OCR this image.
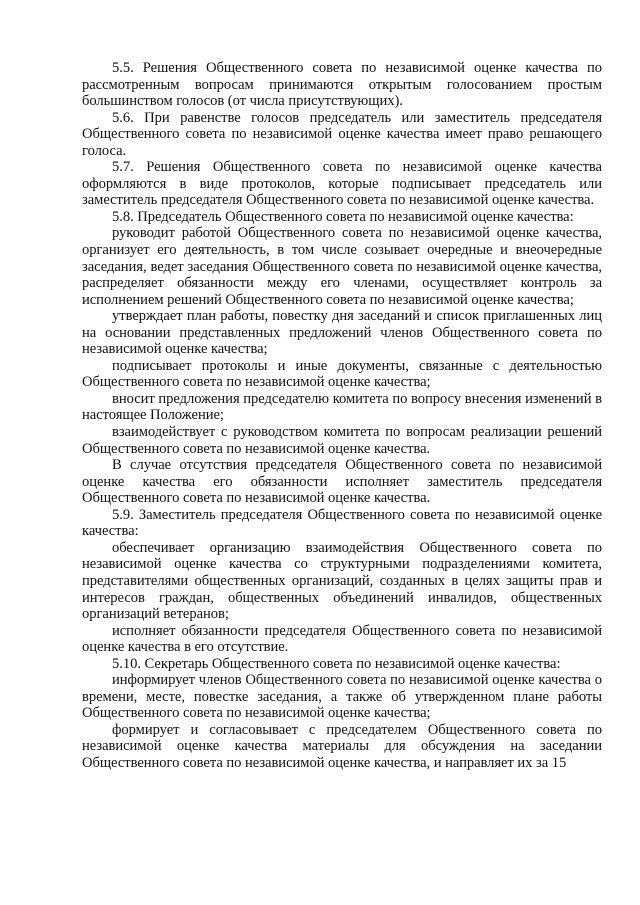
5.5. Решения Общественного совета по независимой оценке качества по рассмотренным вопросам принимаются открытым голосованием простым большинством голосов (от числа присутствующих).

5.6. При равенстве голосов председатель или заместитель председателя Общественного совета по независимой оценке качества имеет право решающего голоса.

5.7. Решения Общественного совета по независимой оценке качества оформляются в виде протоколов, которые подписывает председатель или заместитель председателя Общественного совета по независимой оценке качества.

5.8. Председатель Общественного совета по независимой оценке качества:

руководит работой Общественного совета по независимой оценке качества, организует его деятельность, в том числе созывает очередные и внеочередные заседания, ведет заседания Общественного совета по независимой оценке качества, распределяет обязанности между его членами, осуществляет контроль за исполнением решений Общественного совета по независимой оценке качества;

утверждает план работы, повестку дня заседаний и список приглашенных лиц на основании представленных предложений членов Общественного совета по независимой оценке качества;

подписывает протоколы и иные документы, связанные с деятельностью Общественного совета по независимой оценке качества;

вносит предложения председателю комитета по вопросу внесения изменений в настоящее Положение;

взаимодействует с руководством комитета по вопросам реализации решений Общественного совета по независимой оценке качества.

В случае отсутствия председателя Общественного совета по независимой оценке качества его обязанности исполняет заместитель председателя Общественного совета по независимой оценке качества.

5.9. Заместитель председателя Общественного совета по независимой оценке качества:

обеспечивает организацию взаимодействия Общественного совета по независимой оценке качества со структурными подразделениями комитета, представителями общественных организаций, созданных в целях защиты прав и интересов граждан, общественных объединений инвалидов, общественных организаций ветеранов;

исполняет обязанности председателя Общественного совета по независимой оценке качества в его отсутствие.

5.10. Секретарь Общественного совета по независимой оценке качества:

информирует членов Общественного совета по независимой оценке качества о времени, месте, повестке заседания, а также об утвержденном плане работы Общественного совета по независимой оценке качества;

формирует и согласовывает с председателем Общественного совета по независимой оценке качества материалы для обсуждения на заседании Общественного совета по независимой оценке качества, и направляет их за 15
